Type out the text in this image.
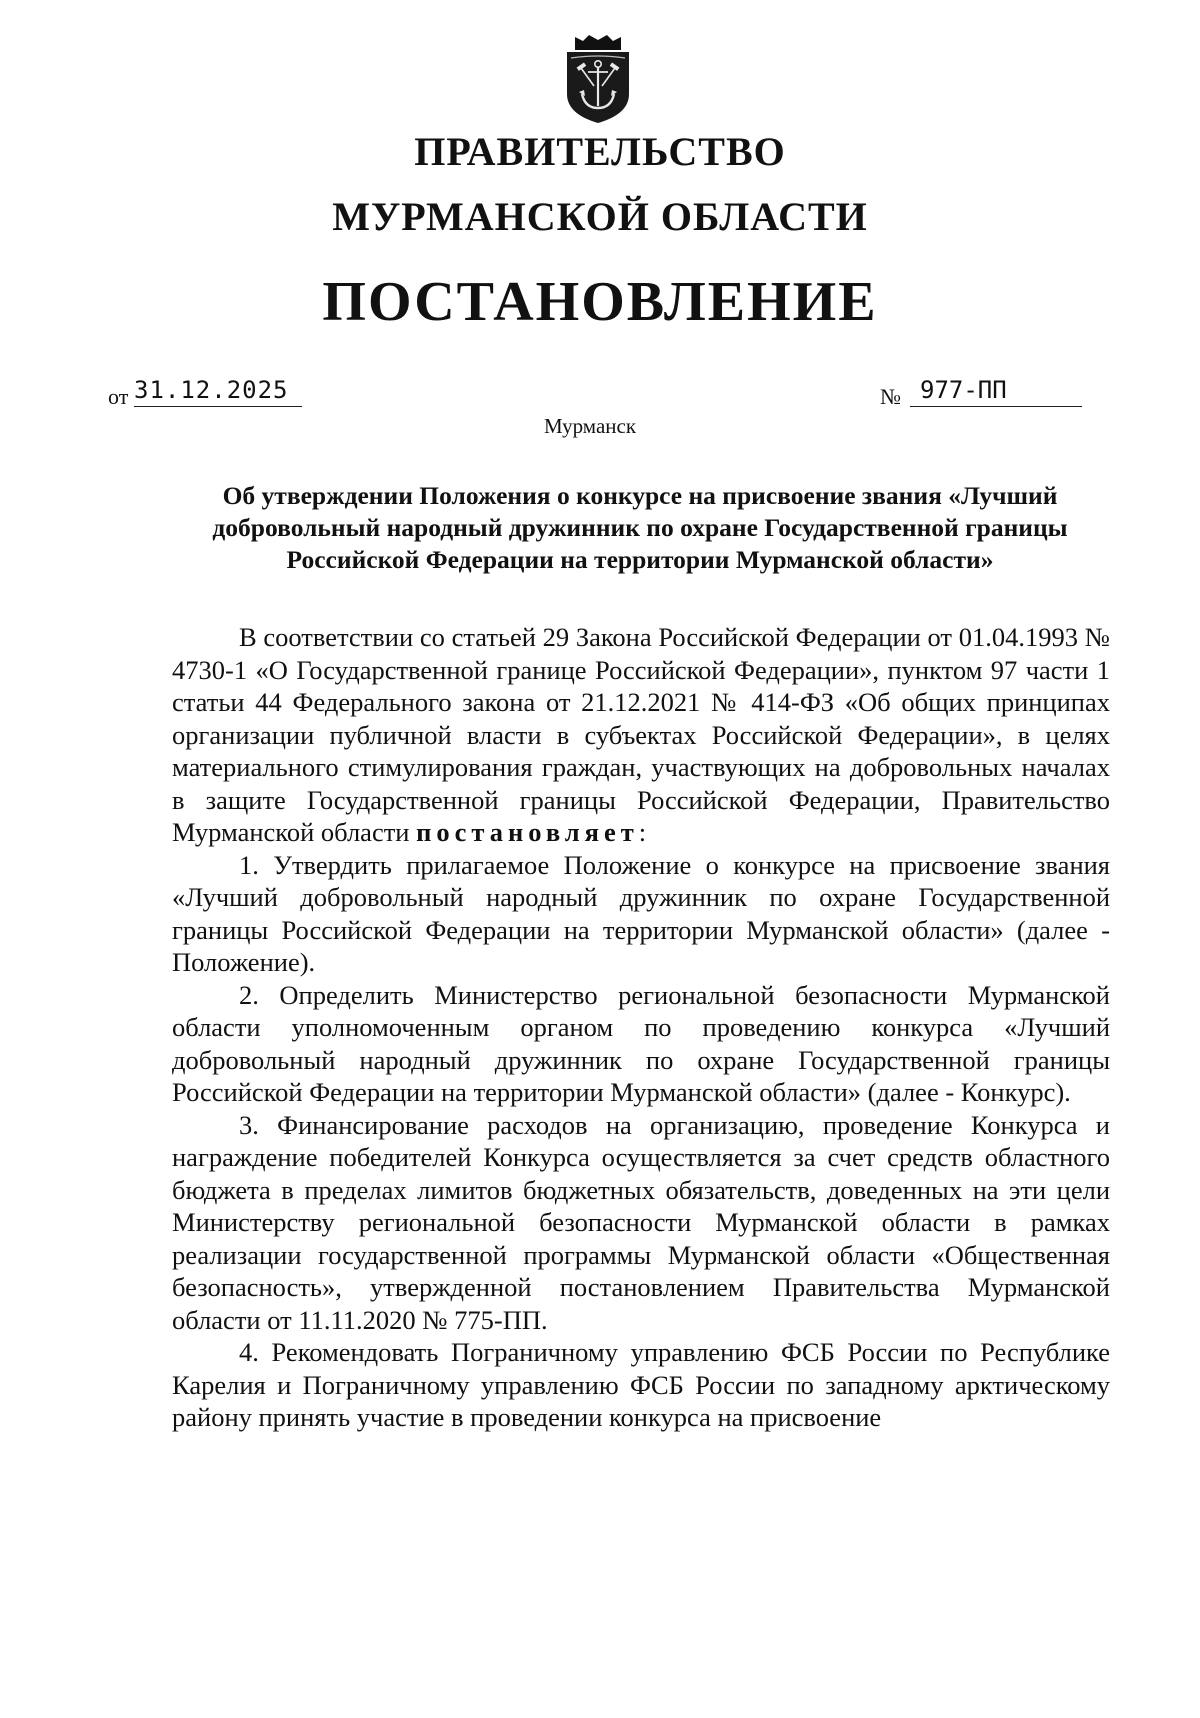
ПРАВИТЕЛЬСТВО
МУРМАНСКОЙ ОБЛАСТИ
ПОСТАНОВЛЕНИЕ
от 31.12.2025	№ 977-ПП
Мурманск
Об утверждении Положения о конкурсе на присвоение звания «Лучший добровольный народный дружинник по охране Государственной границы Российской Федерации на территории Мурманской области»

В соответствии со статьей 29 Закона Российской Федерации от 01.04.1993 № 4730-1 «О Государственной границе Российской Федерации», пунктом 97 части 1 статьи 44 Федерального закона от 21.12.2021 № 414-ФЗ «Об общих принципах организации публичной власти в субъектах Российской Федерации», в целях материального стимулирования граждан, участвующих на добровольных началах в защите Государственной границы Российской Федерации, Правительство Мурманской области постановляет:

1. Утвердить прилагаемое Положение о конкурсе на присвоение звания «Лучший добровольный народный дружинник по охране Государственной границы Российской Федерации на территории Мурманской области» (далее - Положение).

2. Определить Министерство региональной безопасности Мурманской области уполномоченным органом по проведению конкурса «Лучший добровольный народный дружинник по охране Государственной границы Российской Федерации на территории Мурманской области» (далее - Конкурс).

3. Финансирование расходов на организацию, проведение Конкурса и награждение победителей Конкурса осуществляется за счет средств областного бюджета в пределах лимитов бюджетных обязательств, доведенных на эти цели Министерству региональной безопасности Мурманской области в рамках реализации государственной программы Мурманской области «Общественная безопасность», утвержденной постановлением Правительства Мурманской области от 11.11.2020 № 775-ПП.

4. Рекомендовать Пограничному управлению ФСБ России по Республике Карелия и Пограничному управлению ФСБ России по западному арктическому району принять участие в проведении конкурса на присвоение
